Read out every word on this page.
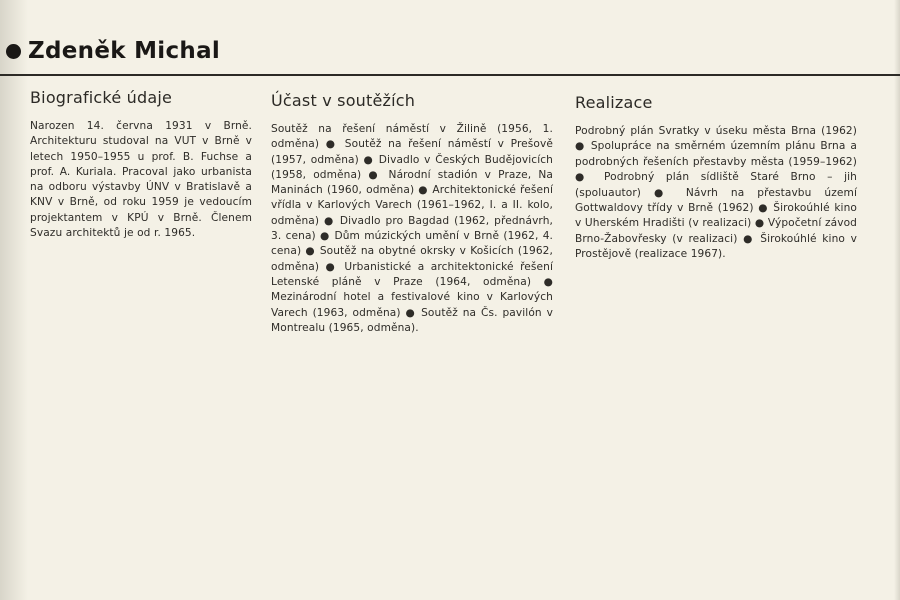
Zdeněk Michal
Biografické údaje

Narozen 14. června 1931 v Brně. Architekturu studoval na VUT v Brně v letech 1950–1955 u prof. B. Fuchse a prof. A. Kuriala. Pracoval jako urbanista na odboru výstavby ÚNV v Bratislavě a KNV v Brně, od roku 1959 je vedoucím projektantem v KPÚ v Brně. Členem Svazu architektů je od r. 1965.

Účast v soutěžích

Soutěž na řešení náměstí v Žilině (1956, 1. odměna) ● Soutěž na řešení náměstí v Prešově (1957, odměna) ● Divadlo v Českých Budějovicích (1958, odměna) ● Národní stadión v Praze, Na Maninách (1960, odměna) ● Architektonické řešení vřídla v Karlových Varech (1961–1962, I. a II. kolo, odměna) ● Divadlo pro Bagdad (1962, přednávrh, 3. cena) ● Dům múzických umění v Brně (1962, 4. cena) ● Soutěž na obytné okrsky v Košicích (1962, odměna) ● Urbanistické a architektonické řešení Letenské pláně v Praze (1964, odměna) ● Mezinárodní hotel a festivalové kino v Karlových Varech (1963, odměna) ● Soutěž na Čs. pavilón v Montrealu (1965, odměna).

Realizace

Podrobný plán Svratky v úseku města Brna (1962) ● Spolupráce na směrném územním plánu Brna a podrobných řešeních přestavby města (1959–1962) ● Podrobný plán sídliště Staré Brno – jih (spoluautor) ● Návrh na přestavbu území Gottwaldovy třídy v Brně (1962) ● Širokoúhlé kino v Uherském Hradišti (v realizaci) ● Výpočetní závod Brno-Žabovřesky (v realizaci) ● Širokoúhlé kino v Prostějově (realizace 1967).
